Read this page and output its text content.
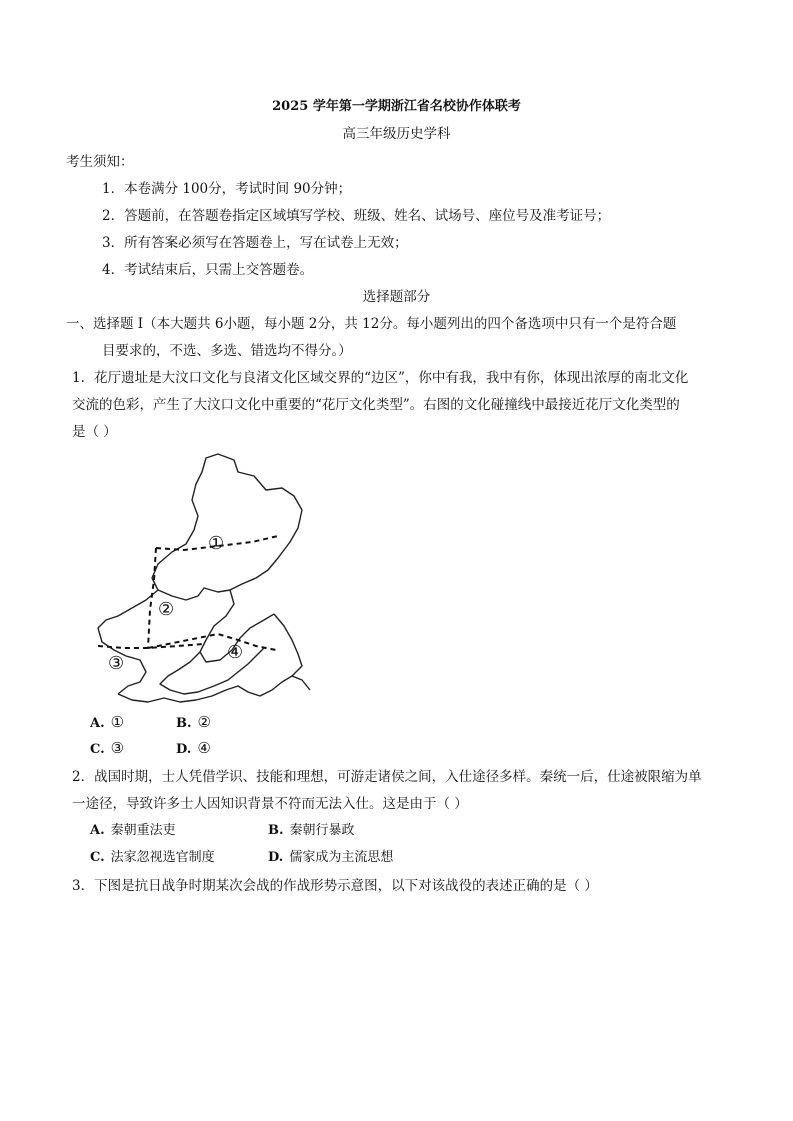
2025 学年第一学期浙江省名校协作体联考
高三年级历史学科
考生须知：
1．本卷满分 100分，考试时间 90分钟；
2．答题前，在答题卷指定区域填写学校、班级、姓名、试场号、座位号及准考证号；
3．所有答案必须写在答题卷上，写在试卷上无效；
4．考试结束后，只需上交答题卷。
选择题部分
一、选择题 I（本大题共 6小题，每小题 2分，共 12分。每小题列出的四个备选项中只有一个是符合题
目要求的，不选、多选、错选均不得分。）
1．花厅遗址是大汶口文化与良渚文化区域交界的“边区”，你中有我，我中有你，体现出浓厚的南北文化
交流的色彩，产生了大汶口文化中重要的“花厅文化类型”。右图的文化碰撞线中最接近花厅文化类型的
是（ ）
①
②
③
④
A. ①	B. ②
C. ③	D. ④
2．战国时期，士人凭借学识、技能和理想，可游走诸侯之间，入仕途径多样。秦统一后，仕途被限缩为单
一途径，导致许多士人因知识背景不符而无法入仕。这是由于（ ）
A. 秦朝重法吏	B. 秦朝行暴政
C. 法家忽视选官制度	D. 儒家成为主流思想
3．下图是抗日战争时期某次会战的作战形势示意图，以下对该战役的表述正确的是（ ）
